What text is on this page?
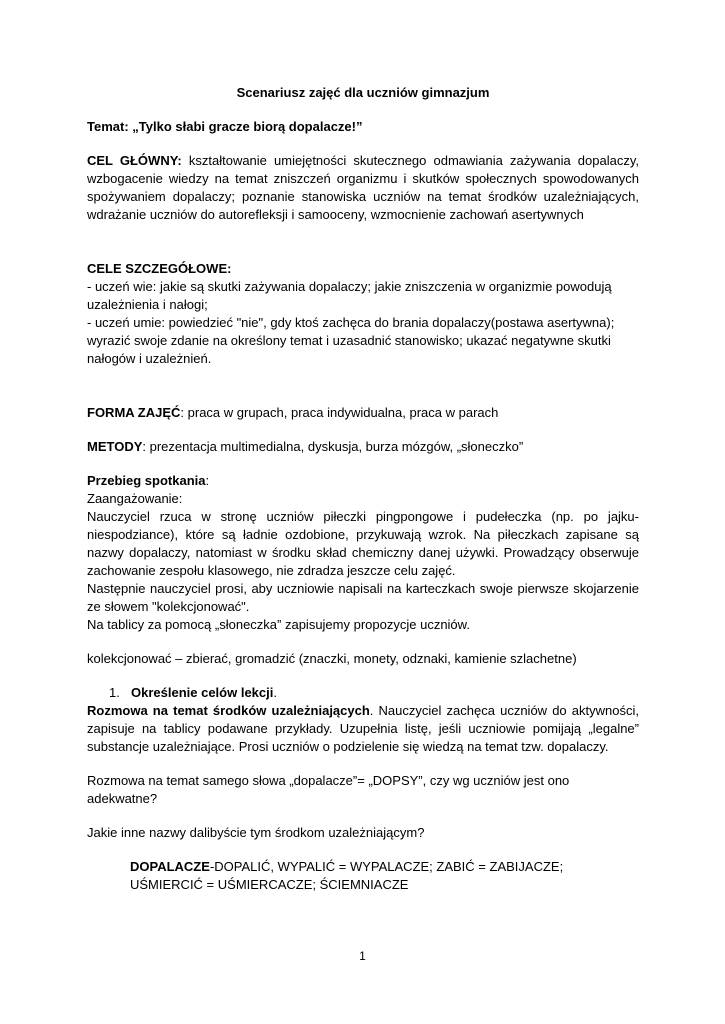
Scenariusz zajęć dla uczniów gimnazjum

Temat: „Tylko słabi gracze biorą dopalacze!”

CEL GŁÓWNY: kształtowanie umiejętności skutecznego odmawiania zażywania dopalaczy, wzbogacenie wiedzy na temat zniszczeń organizmu i skutków społecznych spowodowanych spożywaniem dopalaczy; poznanie stanowiska uczniów na temat środków uzależniających, wdrażanie uczniów do autorefleksji i samooceny, wzmocnienie zachowań asertywnych

CELE SZCZEGÓŁOWE:
- uczeń wie: jakie są skutki zażywania dopalaczy; jakie zniszczenia w organizmie powodują uzależnienia i nałogi;
- uczeń umie: powiedzieć "nie", gdy ktoś zachęca do brania dopalaczy(postawa asertywna); wyrazić swoje zdanie na określony temat i uzasadnić stanowisko; ukazać negatywne skutki nałogów i uzależnień.

FORMA ZAJĘĆ: praca w grupach, praca indywidualna, praca w parach

METODY: prezentacja multimedialna, dyskusja, burza mózgów, „słoneczko”

Przebieg spotkania:
Zaangażowanie:
Nauczyciel rzuca w stronę uczniów piłeczki pingpongowe i pudełeczka (np. po jajku-niespodziance), które są ładnie ozdobione, przykuwają wzrok. Na piłeczkach zapisane są nazwy dopalaczy, natomiast w środku skład chemiczny danej używki. Prowadzący obserwuje zachowanie zespołu klasowego, nie zdradza jeszcze celu zajęć.
Następnie nauczyciel prosi, aby uczniowie napisali na karteczkach swoje pierwsze skojarzenie ze słowem "kolekcjonować".
Na tablicy za pomocą „słoneczka” zapisujemy propozycje uczniów.

kolekcjonować – zbierać, gromadzić (znaczki, monety, odznaki, kamienie szlachetne)

1. Określenie celów lekcji.

Rozmowa na temat środków uzależniających. Nauczyciel zachęca uczniów do aktywności, zapisuje na tablicy podawane przykłady. Uzupełnia listę, jeśli uczniowie pomijają „legalne” substancje uzależniające. Prosi uczniów o podzielenie się wiedzą na temat tzw. dopalaczy.

Rozmowa na temat samego słowa „dopalacze”= „DOPSY”, czy wg uczniów jest ono adekwatne?

Jakie inne nazwy dalibyście tym środkom uzależniającym?

DOPALACZE-DOPALIĆ, WYPALIĆ = WYPALACZE; ZABIĆ = ZABIJACZE; UŚMIERCIĆ = UŚMIERCACZE; ŚCIEMNIACZE

1
